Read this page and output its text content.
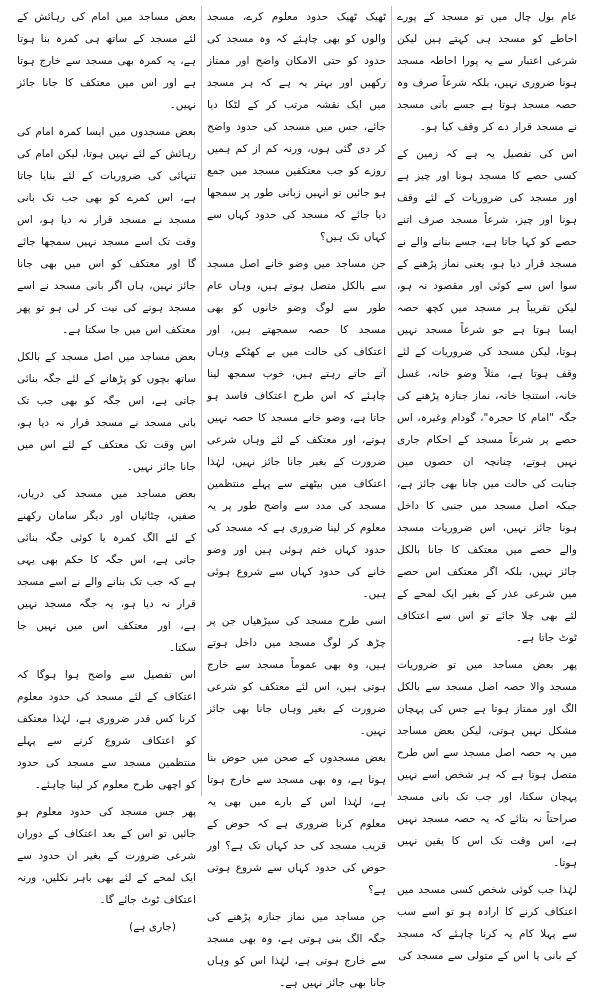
عام بول چال میں تو مسجد کے پورے احاطے کو مسجد ہی کہتے ہیں لیکن شرعی اعتبار سے یہ پورا احاطہ مسجد ہونا ضروری نہیں، بلکہ شرعاً صرف وہ حصہ مسجد ہوتا ہے جسے بانی مسجد نے مسجد قرار دے کر وقف کیا ہو۔

اس کی تفصیل یہ ہے کہ زمین کے کسی حصے کا مسجد ہونا اور چیز ہے اور مسجد کی ضروریات کے لئے وقف ہونا اور چیز، شرعاً مسجد صرف اتنے حصے کو کہا جاتا ہے، جسے بنانے والے نے مسجد قرار دیا ہو، یعنی نماز پڑھنے کے سوا اس سے کوئی اور مقصود نہ ہو، لیکن تقریباً ہر مسجد میں کچھ حصہ ایسا ہوتا ہے جو شرعاً مسجد نہیں ہوتا، لیکن مسجد کی ضروریات کے لئے وقف ہوتا ہے، مثلاً وضو خانہ، غسل خانہ، استنجا خانہ، نماز جنازہ پڑھنے کی جگہ "امام کا حجرہ"، گودام وغیرہ، اس حصے پر شرعاً مسجد کے احکام جاری نہیں ہوتے، چنانچہ ان حصوں میں جنابت کی حالت میں جانا بھی جائز ہے، جبکہ اصل مسجد میں جنبی کا داخل ہونا جائز نہیں، اس ضروریات مسجد والے حصے میں معتکف کا جانا بالکل جائز نہیں، بلکہ اگر معتکف اس حصے میں شرعی عذر کے بغیر ایک لمحے کے لئے بھی چلا جائے تو اس سے اعتکاف ٹوٹ جاتا ہے۔

پھر بعض مساجد میں تو ضروریات مسجد والا حصہ اصل مسجد سے بالکل الگ اور ممتاز ہوتا ہے جس کی پہچان مشکل نہیں ہوتی، لیکن بعض مساجد میں یہ حصہ اصل مسجد سے اس طرح متصل ہوتا ہے کہ ہر شخص اسے نہیں پہچان سکتا، اور جب تک بانی مسجد صراحتاً نہ بتائے کہ یہ حصہ مسجد نہیں ہے، اس وقت تک اس کا یقین نہیں ہوتا۔

لہٰذا جب کوئی شخص کسی مسجد میں اعتکاف کرنے کا ارادہ ہو تو اسے سب سے پہلا کام یہ کرنا چاہئے کہ مسجد کے بانی یا اس کے متولی سے مسجد کی

ٹھیک ٹھیک حدود معلوم کرے، مسجد والوں کو بھی چاہئے کہ وہ مسجد کی حدود کو حتی الامکان واضح اور ممتاز رکھیں اور بہتر یہ ہے کہ ہر مسجد میں ایک نقشہ مرتب کر کے لٹکا دیا جائے، جس میں مسجد کی حدود واضح کر دی گئی ہوں، ورنہ کم از کم ہمیں روزے کو جب معتکفین مسجد میں جمع ہو جائیں تو انہیں زبانی طور پر سمجھا دیا جائے کہ مسجد کی حدود کہاں سے کہاں تک ہیں؟

جن مساجد میں وضو خانے اصل مسجد سے بالکل متصل ہوتے ہیں، وہاں عام طور سے لوگ وضو خانوں کو بھی مسجد کا حصہ سمجھتے ہیں، اور اعتکاف کی حالت میں بے کھٹکے وہاں آتے جاتے رہتے ہیں، خوب سمجھ لینا چاہئے کہ اس طرح اعتکاف فاسد ہو جاتا ہے، وضو خانے مسجد کا حصہ نہیں ہوتے، اور معتکف کے لئے وہاں شرعی ضرورت کے بغیر جانا جائز نہیں، لہٰذا اعتکاف میں بیٹھنے سے پہلے منتظمین مسجد کی مدد سے واضح طور پر یہ معلوم کر لینا ضروری ہے کہ مسجد کی حدود کہاں ختم ہوئی ہیں اور وضو خانے کی حدود کہاں سے شروع ہوئی ہیں۔

اسی طرح مسجد کی سیڑھیاں جن پر چڑھ کر لوگ مسجد میں داخل ہوتے ہیں، وہ بھی عموماً مسجد سے خارج ہوتی ہیں، اس لئے معتکف کو شرعی ضرورت کے بغیر وہاں جانا بھی جائز نہیں۔

بعض مسجدوں کے صحن میں حوض بنا ہوتا ہے، وہ بھی مسجد سے خارج ہوتا ہے، لہٰذا اس کے بارے میں بھی یہ معلوم کرنا ضروری ہے کہ حوض کے قریب مسجد کی حد کہاں تک ہے؟ اور حوض کی حدود کہاں سے شروع ہوتی ہے؟

جن مساجد میں نماز جنازہ پڑھنے کی جگہ الگ بنی ہوتی ہے، وہ بھی مسجد سے خارج ہوتی ہے، لہٰذا اس کو وہاں جانا بھی جائز نہیں ہے۔

بعض مساجد میں امام کی رہائش کے لئے مسجد کے ساتھ ہی کمرہ بنا ہوتا ہے، یہ کمرہ بھی مسجد سے خارج ہوتا ہے اور اس میں معتکف کا جانا جائز نہیں۔

بعض مسجدوں میں ایسا کمرہ امام کی رہائش کے لئے نہیں ہوتا، لیکن امام کی تنہائی کی ضروریات کے لئے بنایا جاتا ہے، اس کمرے کو بھی جب تک بانی مسجد نے مسجد قرار نہ دیا ہو، اس وقت تک اسے مسجد نہیں سمجھا جائے گا اور معتکف کو اس میں بھی جانا جائز نہیں، ہاں اگر بانی مسجد نے اسے مسجد ہونے کی نیت کر لی ہو تو پھر معتکف اس میں جا سکتا ہے۔

بعض مساجد میں اصل مسجد کے بالکل ساتھ بچوں کو پڑھانے کے لئے جگہ بنائی جاتی ہے، اس جگہ کو بھی جب تک بانی مسجد نے مسجد قرار نہ دیا ہو، اس وقت تک معتکف کے لئے اس میں جانا جائز نہیں۔

بعض مساجد میں مسجد کی دریاں، صفیں، چٹائیاں اور دیگر سامان رکھنے کے لئے الگ کمرہ یا کوئی جگہ بنائی جاتی ہے، اس جگہ کا حکم بھی یہی ہے کہ جب تک بنانے والے نے اسے مسجد قرار نہ دیا ہو، یہ جگہ مسجد نہیں ہے، اور معتکف اس میں نہیں جا سکتا۔

اس تفصیل سے واضح ہوا ہوگا کہ اعتکاف کے لئے مسجد کی حدود معلوم کرنا کس قدر ضروری ہے، لہٰذا معتکف کو اعتکاف شروع کرنے سے پہلے منتظمین مسجد سے مسجد کی حدود کو اچھی طرح معلوم کر لینا چاہئے۔

پھر جس مسجد کی حدود معلوم ہو جائیں تو اس کے بعد اعتکاف کے دوران شرعی ضرورت کے بغیر ان حدود سے ایک لمحے کے لئے بھی باہر نکلیں، ورنہ اعتکاف ٹوٹ جائے گا۔

(جاری ہے)
